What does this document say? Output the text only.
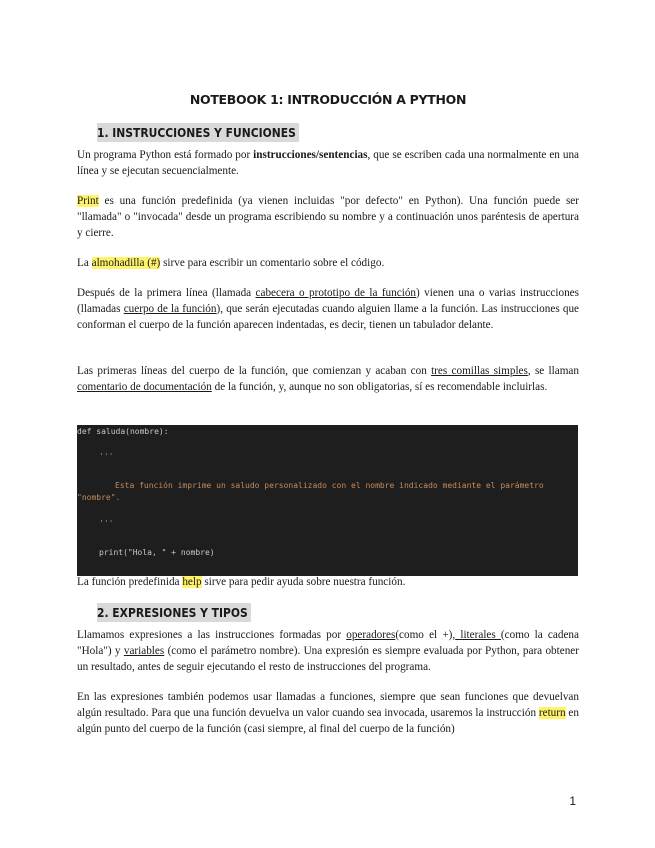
NOTEBOOK 1: INTRODUCCIÓN A PYTHON
1. INSTRUCCIONES Y FUNCIONES
Un programa Python está formado por instrucciones/sentencias, que se escriben cada una normalmente en una línea y se ejecutan secuencialmente.
Print es una función predefinida (ya vienen incluidas "por defecto" en Python). Una función puede ser "llamada" o "invocada" desde un programa escribiendo su nombre y a continuación unos paréntesis de apertura y cierre.
La almohadilla (#) sirve para escribir un comentario sobre el código.
Después de la primera línea (llamada cabecera o prototipo de la función) vienen una o varias instrucciones (llamadas cuerpo de la función), que serán ejecutadas cuando alguien llame a la función. Las instrucciones que conforman el cuerpo de la función aparecen indentadas, es decir, tienen un tabulador delante.
Las primeras líneas del cuerpo de la función, que comienzan y acaban con tres comillas simples, se llaman comentario de documentación de la función, y, aunque no son obligatorias, sí es recomendable incluirlas.
def saluda(nombre):
'''
Esta función imprime un saludo personalizado con el nombre indicado mediante el parámetro
"nombre".
'''
print("Hola, " + nombre)
La función predefinida help sirve para pedir ayuda sobre nuestra función.
2. EXPRESIONES Y TIPOS
Llamamos expresiones a las instrucciones formadas por operadores(como el +), literales (como la cadena "Hola") y variables (como el parámetro nombre). Una expresión es siempre evaluada por Python, para obtener un resultado, antes de seguir ejecutando el resto de instrucciones del programa.
En las expresiones también podemos usar llamadas a funciones, siempre que sean funciones que devuelvan algún resultado. Para que una función devuelva un valor cuando sea invocada, usaremos la instrucción return en algún punto del cuerpo de la función (casi siempre, al final del cuerpo de la función)
1
